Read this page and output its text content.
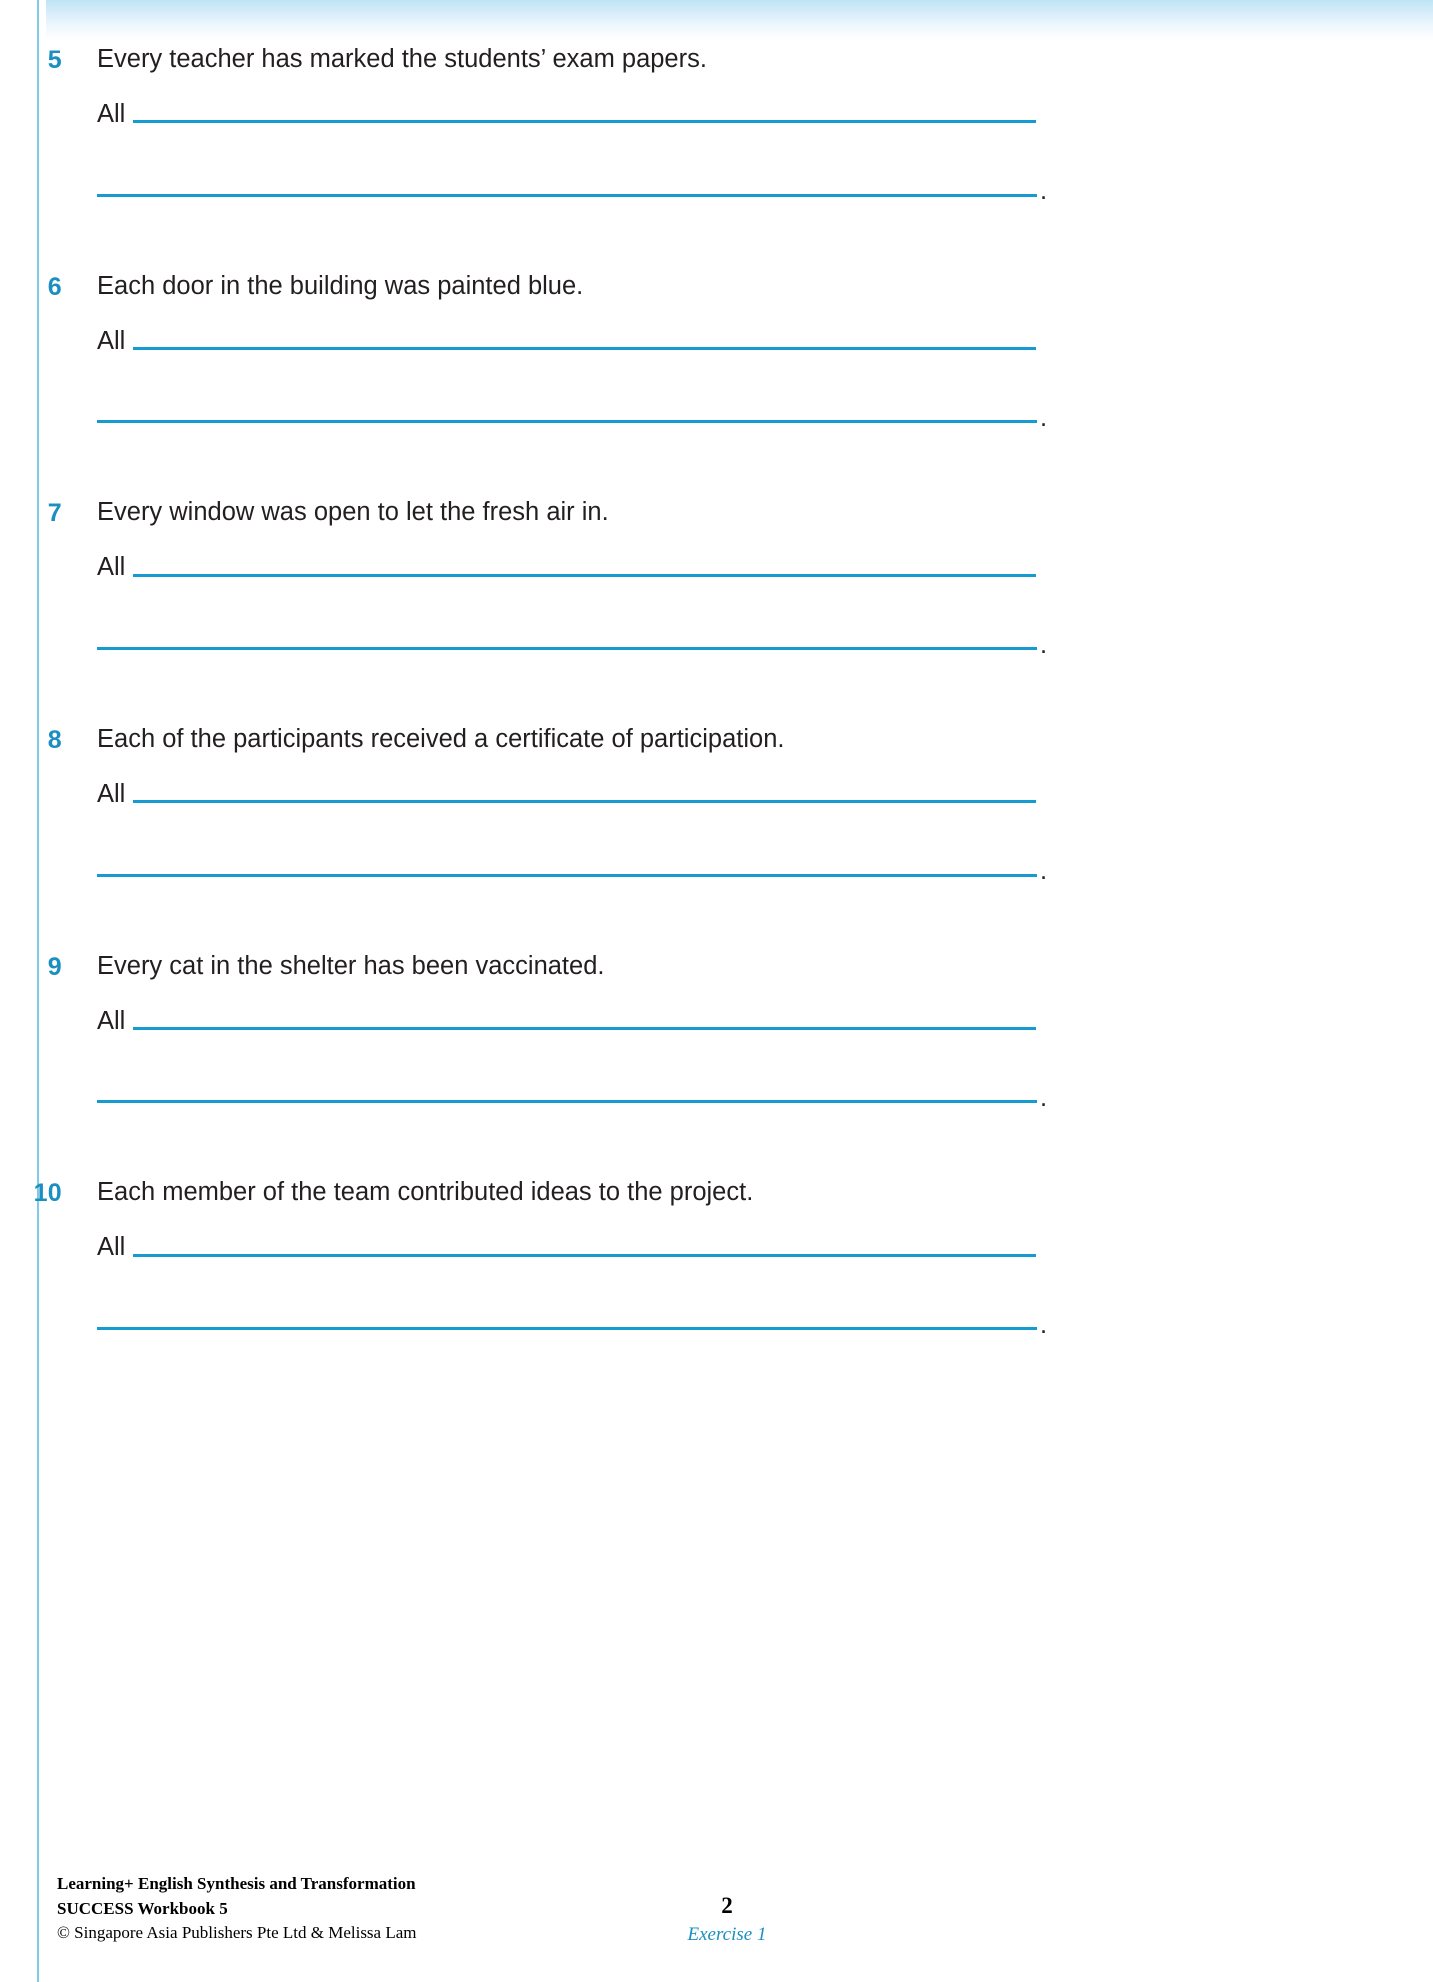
5	Every teacher has marked the students’ exam papers.
All
.
6	Each door in the building was painted blue.
All
.
7	Every window was open to let the fresh air in.
All
.
8	Each of the participants received a certificate of participation.
All
.
9	Every cat in the shelter has been vaccinated.
All
.
10	Each member of the team contributed ideas to the project.
All
.
Learning+ English Synthesis and Transformation
SUCCESS Workbook 5
© Singapore Asia Publishers Pte Ltd & Melissa Lam
2
Exercise 1
